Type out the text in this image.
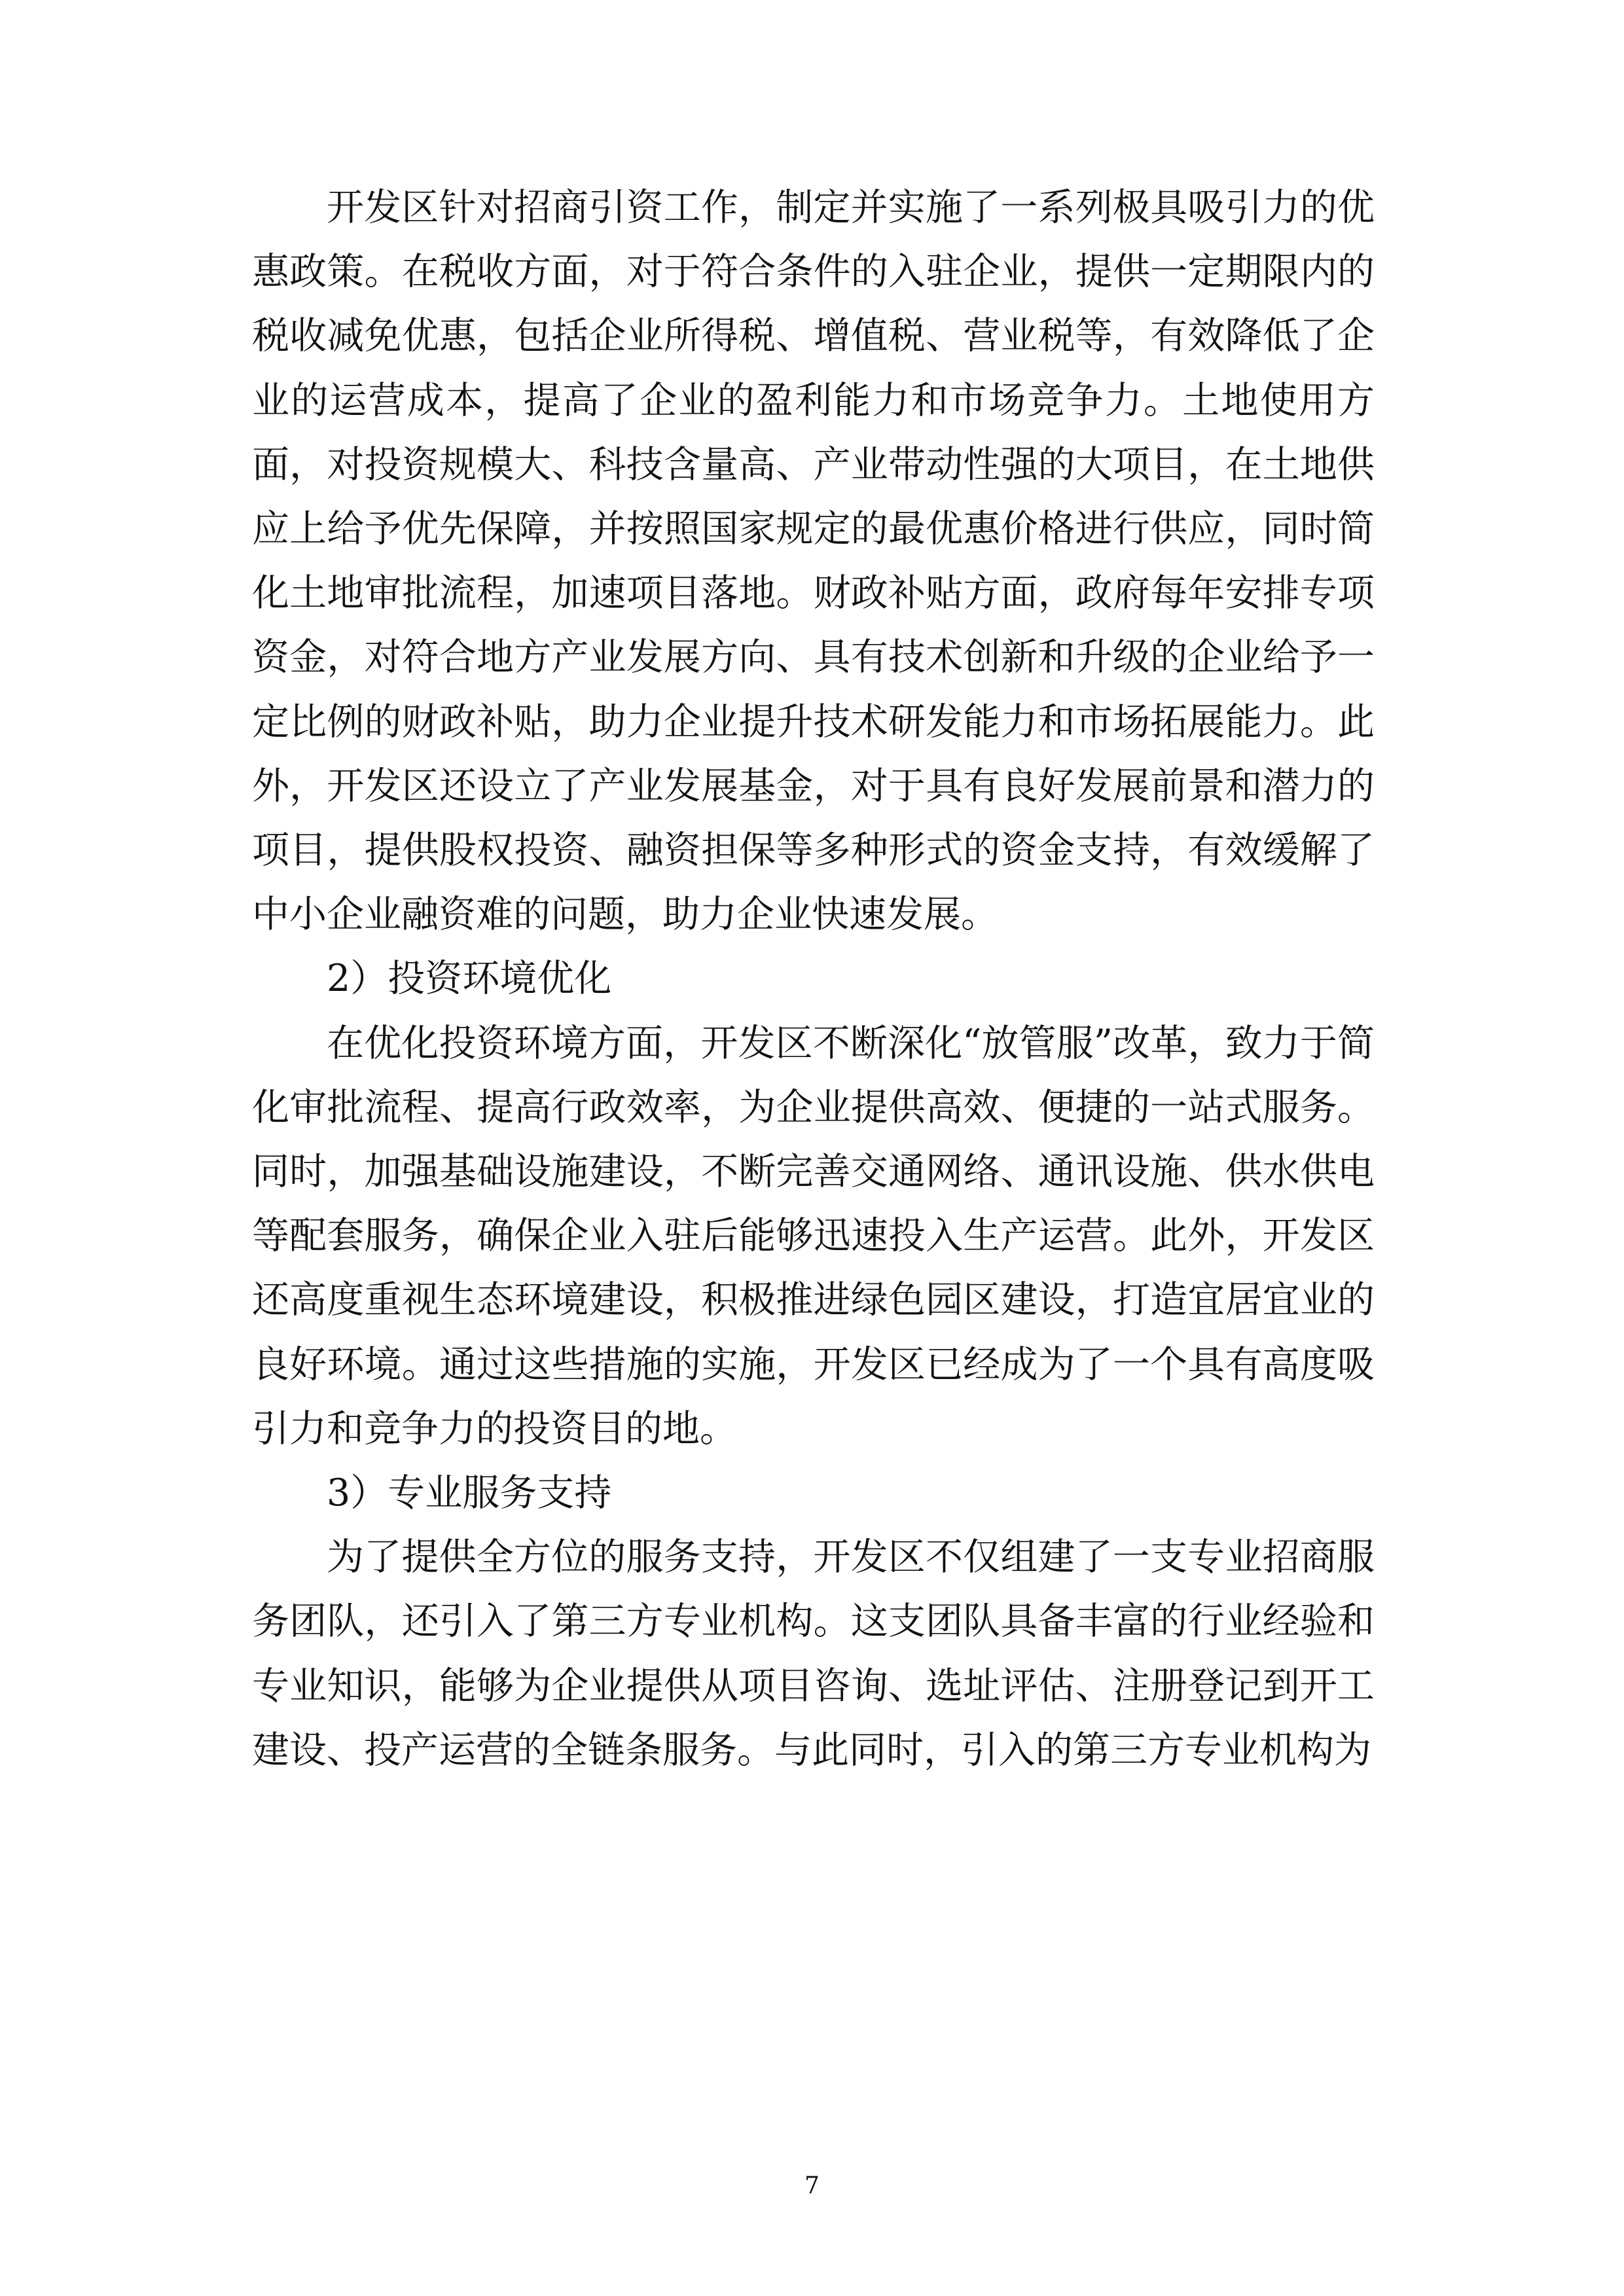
开发区针对招商引资工作，制定并实施了一系列极具吸引力的优惠政策。在税收方面，对于符合条件的入驻企业，提供一定期限内的税收减免优惠，包括企业所得税、增值税、营业税等，有效降低了企业的运营成本，提高了企业的盈利能力和市场竞争力。土地使用方面，对投资规模大、科技含量高、产业带动性强的大项目，在土地供应上给予优先保障，并按照国家规定的最优惠价格进行供应，同时简化土地审批流程，加速项目落地。财政补贴方面，政府每年安排专项资金，对符合地方产业发展方向、具有技术创新和升级的企业给予一定比例的财政补贴，助力企业提升技术研发能力和市场拓展能力。此外，开发区还设立了产业发展基金，对于具有良好发展前景和潜力的项目，提供股权投资、融资担保等多种形式的资金支持，有效缓解了中小企业融资难的问题，助力企业快速发展。

2）投资环境优化

在优化投资环境方面，开发区不断深化“放管服”改革，致力于简化审批流程、提高行政效率，为企业提供高效、便捷的一站式服务。同时，加强基础设施建设，不断完善交通网络、通讯设施、供水供电等配套服务，确保企业入驻后能够迅速投入生产运营。此外，开发区还高度重视生态环境建设，积极推进绿色园区建设，打造宜居宜业的良好环境。通过这些措施的实施，开发区已经成为了一个具有高度吸引力和竞争力的投资目的地。

3）专业服务支持

为了提供全方位的服务支持，开发区不仅组建了一支专业招商服务团队，还引入了第三方专业机构。这支团队具备丰富的行业经验和专业知识，能够为企业提供从项目咨询、选址评估、注册登记到开工建设、投产运营的全链条服务。与此同时，引入的第三方专业机构为

7
